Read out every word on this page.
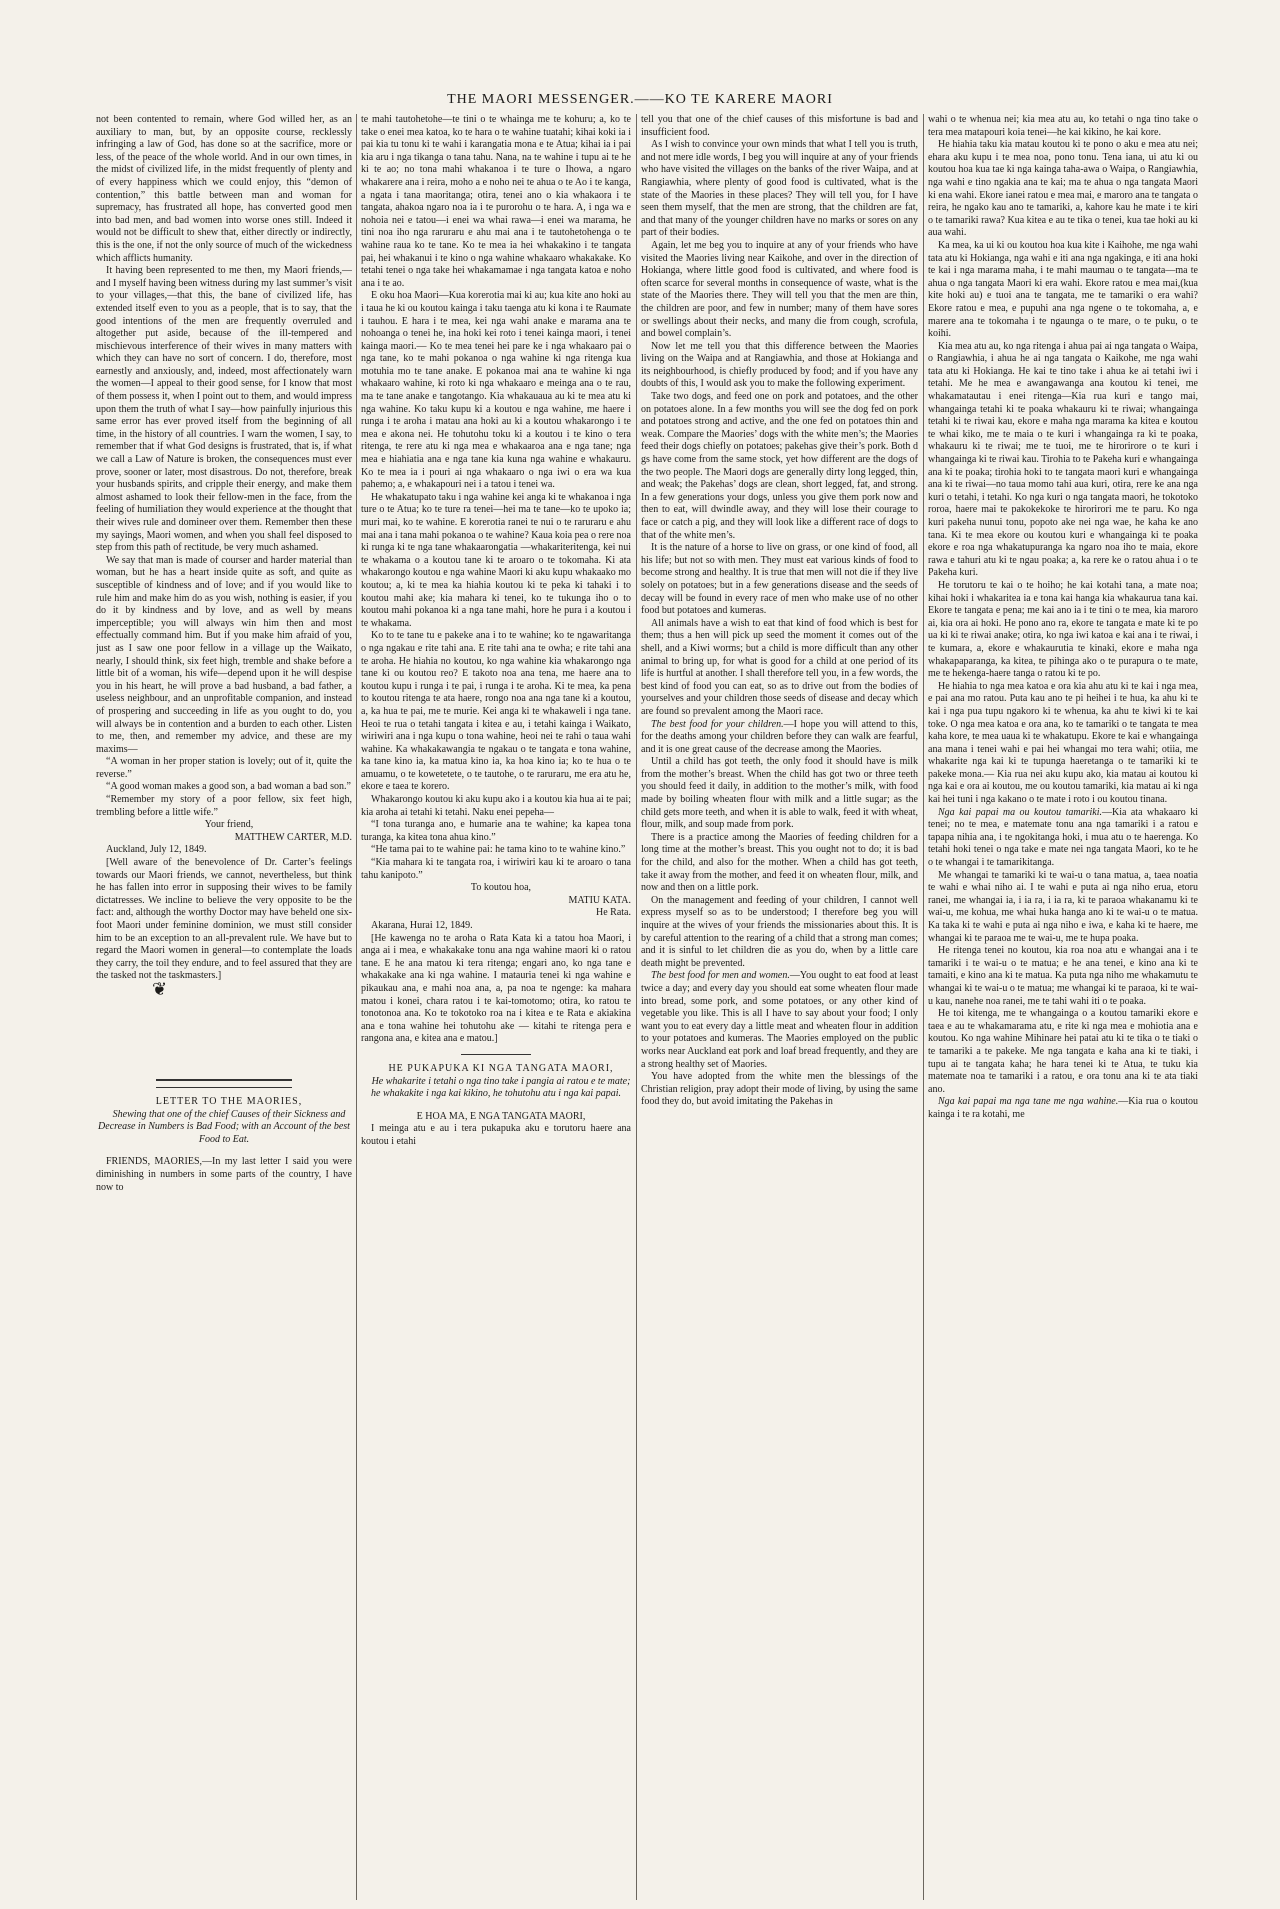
THE MAORI MESSENGER.——KO TE KARERE MAORI

not been contented to remain, where God willed her, as an auxiliary to man, but, by an opposite course, recklessly infringing a law of God, has done so at the sacrifice, more or less, of the peace of the whole world. And in our own times, in the midst of civilized life, in the midst frequently of plenty and of every happiness which we could enjoy, this “demon of contention,” this battle between man and woman for supremacy, has frustrated all hope, has converted good men into bad men, and bad women into worse ones still. Indeed it would not be difficult to shew that, either directly or indirectly, this is the one, if not the only source of much of the wickedness which afflicts humanity.

It having been represented to me then, my Maori friends,—and I myself having been witness during my last summer’s visit to your villages,—that this, the bane of civilized life, has extended itself even to you as a people, that is to say, that the good intentions of the men are frequently overruled and altogether put aside, because of the ill-tempered and mischievous interference of their wives in many matters with which they can have no sort of concern. I do, therefore, most earnestly and anxiously, and, indeed, most affectionately warn the women—I appeal to their good sense, for I know that most of them possess it, when I point out to them, and would impress upon them the truth of what I say—how painfully injurious this same error has ever proved itself from the beginning of all time, in the history of all countries. I warn the women, I say, to remember that if what God designs is frustrated, that is, if what we call a Law of Nature is broken, the consequences must ever prove, sooner or later, most disastrous. Do not, therefore, break your husbands spirits, and cripple their energy, and make them almost ashamed to look their fellow-men in the face, from the feeling of humiliation they would experience at the thought that their wives rule and domineer over them. Remember then these my sayings, Maori women, and when you shall feel disposed to step from this path of rectitude, be very much ashamed.

We say that man is made of courser and harder material than woman, but he has a heart inside quite as soft, and quite as susceptible of kindness and of love; and if you would like to rule him and make him do as you wish, nothing is easier, if you do it by kindness and by love, and as well by means imperceptible; you will always win him then and most effectually command him. But if you make him afraid of you, just as I saw one poor fellow in a village up the Waikato, nearly, I should think, six feet high, tremble and shake before a little bit of a woman, his wife—depend upon it he will despise you in his heart, he will prove a bad husband, a bad father, a useless neighbour, and an unprofitable companion, and instead of prospering and succeeding in life as you ought to do, you will always be in contention and a burden to each other. Listen to me, then, and remember my advice, and these are my maxims—

“A woman in her proper station is lovely; out of it, quite the reverse.”

“A good woman makes a good son, a bad woman a bad son.”

“Remember my story of a poor fellow, six feet high, trembling before a little wife.”

Your friend,

MATTHEW CARTER, M.D.

Auckland, July 12, 1849.

[Well aware of the benevolence of Dr. Carter’s feelings towards our Maori friends, we cannot, nevertheless, but think he has fallen into error in supposing their wives to be family dictatresses. We incline to believe the very opposite to be the fact: and, although the worthy Doctor may have beheld one six-foot Maori under feminine dominion, we must still consider him to be an exception to an all-prevalent rule. We have but to regard the Maori women in general—to contemplate the loads they carry, the toil they endure, and to feel assured that they are the tasked not the taskmasters.]

❦

LETTER TO THE MAORIES,

Shewing that one of the chief Causes of their Sickness and Decrease in Numbers is Bad Food; with an Account of the best Food to Eat.

FRIENDS, MAORIES,—In my last letter I said you were diminishing in numbers in some parts of the country, I have now to

te mahi tautohetohe—te tini o te whainga me te kohuru; a, ko te take o enei mea katoa, ko te hara o te wahine tuatahi; kihai koki ia i pai kia tu tonu ki te wahi i karangatia mona e te Atua; kihai ia i pai kia aru i nga tikanga o tana tahu. Nana, na te wahine i tupu ai te he ki te ao; no tona mahi whakanoa i te ture o Ihowa, a ngaro whakarere ana i reira, moho a e noho nei te ahua o te Ao i te kanga, a ngata i tana maoritanga; otira, tenei ano o kia whakaora i te tangata, ahakoa ngaro noa ia i te purorohu o te hara. A, i nga wa e nohoia nei e tatou—i enei wa whai rawa—i enei wa marama, he tini noa iho nga raruraru e ahu mai ana i te tautohetohenga o te wahine raua ko te tane. Ko te mea ia hei whakakino i te tangata pai, hei whakanui i te kino o nga wahine whakaaro whakakake. Ko tetahi tenei o nga take hei whakamamae i nga tangata katoa e noho ana i te ao.

E oku hoa Maori—Kua korerotia mai ki au; kua kite ano hoki au i taua he ki ou koutou kainga i taku taenga atu ki kona i te Raumate i tauhou. E hara i te mea, kei nga wahi anake e marama ana te nohoanga o tenei he, ina hoki kei roto i tenei kainga maori, i tenei kainga maori.— Ko te mea tenei hei pare ke i nga whakaaro pai o nga tane, ko te mahi pokanoa o nga wahine ki nga ritenga kua motuhia mo te tane anake. E pokanoa mai ana te wahine ki nga whakaaro wahine, ki roto ki nga whakaaro e meinga ana o te rau, ma te tane anake e tangotango. Kia whakauaua au ki te mea atu ki nga wahine. Ko taku kupu ki a koutou e nga wahine, me haere i runga i te aroha i matau ana hoki au ki a koutou whakarongo i te mea e akona nei. He tohutohu toku ki a koutou i te kino o tera ritenga, te rere atu ki nga mea e whakaaroa ana e nga tane; nga mea e hiahiatia ana e nga tane kia kuna nga wahine e whakauru. Ko te mea ia i pouri ai nga whakaaro o nga iwi o era wa kua pahemo; a, e whakapouri nei i a tatou i tenei wa.

He whakatupato taku i nga wahine kei anga ki te whakanoa i nga ture o te Atua; ko te ture ra tenei—hei ma te tane—ko te upoko ia; muri mai, ko te wahine. E korerotia ranei te nui o te raruraru e ahu mai ana i tana mahi pokanoa o te wahine? Kaua koia pea o rere noa ki runga ki te nga tane whakaarongatia —whakariteritenga, kei nui te whakama o a koutou tane ki te aroaro o te tokomaha. Ki ata whakarongo koutou e nga wahine Maori ki aku kupu whakaako mo koutou; a, ki te mea ka hiahia koutou ki te peka ki tahaki i to koutou mahi ake; kia mahara ki tenei, ko te tukunga iho o to koutou mahi pokanoa ki a nga tane mahi, hore he pura i a koutou i te whakama.

Ko to te tane tu e pakeke ana i to te wahine; ko te ngawaritanga o nga ngakau e rite tahi ana. E rite tahi ana te owha; e rite tahi ana te aroha. He hiahia no koutou, ko nga wahine kia whakarongo nga tane ki ou koutou reo? E takoto noa ana tena, me haere ana to koutou kupu i runga i te pai, i runga i te aroha. Ki te mea, ka pena to koutou ritenga te ata haere, rongo noa ana nga tane ki a koutou, a, ka hua te pai, me te murie. Kei anga ki te whakaweli i nga tane. Heoi te rua o tetahi tangata i kitea e au, i tetahi kainga i Waikato, wiriwiri ana i nga kupu o tona wahine, heoi nei te rahi o taua wahi wahine. Ka whakakawangia te ngakau o te tangata e tona wahine, ka tane kino ia, ka matua kino ia, ka hoa kino ia; ko te hua o te amuamu, o te kowetetete, o te tautohe, o te raruraru, me era atu he, ekore e taea te korero.

Whakarongo koutou ki aku kupu ako i a koutou kia hua ai te pai; kia aroha ai tetahi ki tetahi. Naku enei pepeha—

“I tona turanga ano, e humarie ana te wahine; ka kapea tona turanga, ka kitea tona ahua kino.”

“He tama pai to te wahine pai: he tama kino to te wahine kino.”

“Kia mahara ki te tangata roa, i wiriwiri kau ki te aroaro o tana tahu kanipoto.”

To koutou hoa,

MATIU KATA.

He Rata.

Akarana, Hurai 12, 1849.

[He kawenga no te aroha o Rata Kata ki a tatou hoa Maori, i anga ai i mea, e whakakake tonu ana nga wahine maori ki o ratou tane. E he ana matou ki tera ritenga; engari ano, ko nga tane e whakakake ana ki nga wahine. I matauria tenei ki nga wahine e pikaukau ana, e mahi noa ana, a, pa noa te ngenge: ka mahara matou i konei, chara ratou i te kai-tomotomo; otira, ko ratou te tonotonoa ana. Ko te tokotoko roa na i kitea e te Rata e akiakina ana e tona wahine hei tohutohu ake — kitahi te ritenga pera e rangona ana, e kitea ana e matou.]

HE PUKAPUKA KI NGA TANGATA MAORI,

He whakarite i tetahi o nga tino take i pangia ai ratou e te mate; he whakakite i nga kai kikino, he tohutohu atu i nga kai papai.

E HOA MA, E NGA TANGATA MAORI,

I meinga atu e au i tera pukapuka aku e torutoru haere ana koutou i etahi

tell you that one of the chief causes of this misfortune is bad and insufficient food.

As I wish to convince your own minds that what I tell you is truth, and not mere idle words, I beg you will inquire at any of your friends who have visited the villages on the banks of the river Waipa, and at Rangiawhia, where plenty of good food is cultivated, what is the state of the Maories in these places? They will tell you, for I have seen them myself, that the men are strong, that the children are fat, and that many of the younger children have no marks or sores on any part of their bodies.

Again, let me beg you to inquire at any of your friends who have visited the Maories living near Kaikohe, and over in the direction of Hokianga, where little good food is cultivated, and where food is often scarce for several months in consequence of waste, what is the state of the Maories there. They will tell you that the men are thin, the children are poor, and few in number; many of them have sores or swellings about their necks, and many die from cough, scrofula, and bowel complain’s.

Now let me tell you that this difference between the Maories living on the Waipa and at Rangiawhia, and those at Hokianga and its neighbourhood, is chiefly produced by food; and if you have any doubts of this, I would ask you to make the following experiment.

Take two dogs, and feed one on pork and potatoes, and the other on potatoes alone. In a few months you will see the dog fed on pork and potatoes strong and active, and the one fed on potatoes thin and weak. Compare the Maories’ dogs with the white men’s; the Maories feed their dogs chiefly on potatoes; pakehas give their’s pork. Both d gs have come from the same stock, yet how different are the dogs of the two people. The Maori dogs are generally dirty long legged, thin, and weak; the Pakehas’ dogs are clean, short legged, fat, and strong. In a few generations your dogs, unless you give them pork now and then to eat, will dwindle away, and they will lose their courage to face or catch a pig, and they will look like a different race of dogs to that of the white men’s.

It is the nature of a horse to live on grass, or one kind of food, all his life; but not so with men. They must eat various kinds of food to become strong and healthy. It is true that men will not die if they live solely on potatoes; but in a few generations disease and the seeds of decay will be found in every race of men who make use of no other food but potatoes and kumeras.

All animals have a wish to eat that kind of food which is best for them; thus a hen will pick up seed the moment it comes out of the shell, and a Kiwi worms; but a child is more difficult than any other animal to bring up, for what is good for a child at one period of its life is hurtful at another. I shall therefore tell you, in a few words, the best kind of food you can eat, so as to drive out from the bodies of yourselves and your children those seeds of disease and decay which are found so prevalent among the Maori race.

The best food for your children.—I hope you will attend to this, for the deaths among your children before they can walk are fearful, and it is one great cause of the decrease among the Maories.

Until a child has got teeth, the only food it should have is milk from the mother’s breast. When the child has got two or three teeth you should feed it daily, in addition to the mother’s milk, with food made by boiling wheaten flour with milk and a little sugar; as the child gets more teeth, and when it is able to walk, feed it with wheat, flour, milk, and soup made from pork.

There is a practice among the Maories of feeding children for a long time at the mother’s breast. This you ought not to do; it is bad for the child, and also for the mother. When a child has got teeth, take it away from the mother, and feed it on wheaten flour, milk, and now and then on a little pork.

On the management and feeding of your children, I cannot well express myself so as to be understood; I therefore beg you will inquire at the wives of your friends the missionaries about this. It is by careful attention to the rearing of a child that a strong man comes; and it is sinful to let children die as you do, when by a little care death might be prevented.

The best food for men and women.—You ought to eat food at least twice a day; and every day you should eat some wheaten flour made into bread, some pork, and some potatoes, or any other kind of vegetable you like. This is all I have to say about your food; I only want you to eat every day a little meat and wheaten flour in addition to your potatoes and kumeras. The Maories employed on the public works near Auckland eat pork and loaf bread frequently, and they are a strong healthy set of Maories.

You have adopted from the white men the blessings of the Christian religion, pray adopt their mode of living, by using the same food they do, but avoid imitating the Pakehas in

wahi o te whenua nei; kia mea atu au, ko tetahi o nga tino take o tera mea matapouri koia tenei—he kai kikino, he kai kore.

He hiahia taku kia matau koutou ki te pono o aku e mea atu nei; ehara aku kupu i te mea noa, pono tonu. Tena iana, ui atu ki ou koutou hoa kua tae ki nga kainga taha-awa o Waipa, o Rangiawhia, nga wahi e tino ngakia ana te kai; ma te ahua o nga tangata Maori ki ena wahi. Ekore ianei ratou e mea mai, e maroro ana te tangata o reira, he ngako kau ano te tamariki, a, kahore kau he mate i te kiri o te tamariki rawa? Kua kitea e au te tika o tenei, kua tae hoki au ki aua wahi.

Ka mea, ka ui ki ou koutou hoa kua kite i Kaihohe, me nga wahi tata atu ki Hokianga, nga wahi e iti ana nga ngakinga, e iti ana hoki te kai i nga marama maha, i te mahi maumau o te tangata—ma te ahua o nga tangata Maori ki era wahi. Ekore ratou e mea mai,(kua kite hoki au) e tuoi ana te tangata, me te tamariki o era wahi? Ekore ratou e mea, e pupuhi ana nga ngene o te tokomaha, a, e marere ana te tokomaha i te ngaunga o te mare, o te puku, o te koihi.

Kia mea atu au, ko nga ritenga i ahua pai ai nga tangata o Waipa, o Rangiawhia, i ahua he ai nga tangata o Kaikohe, me nga wahi tata atu ki Hokianga. He kai te tino take i ahua ke ai tetahi iwi i tetahi. Me he mea e awangawanga ana koutou ki tenei, me whakamatautau i enei ritenga—Kia rua kuri e tango mai, whangainga tetahi ki te poaka whakauru ki te riwai; whangainga tetahi ki te riwai kau, ekore e maha nga marama ka kitea e koutou te whai kiko, me te maia o te kuri i whangainga ra ki te poaka, whakauru ki te riwai; me te tuoi, me te hirorirore o te kuri i whangainga ki te riwai kau. Tirohia to te Pakeha kuri e whangainga ana ki te poaka; tirohia hoki to te tangata maori kuri e whangainga ana ki te riwai—no taua momo tahi aua kuri, otira, rere ke ana nga kuri o tetahi, i tetahi. Ko nga kuri o nga tangata maori, he tokotoko roroa, haere mai te pakokekoke te hirorirori me te paru. Ko nga kuri pakeha nunui tonu, popoto ake nei nga wae, he kaha ke ano tana. Ki te mea ekore ou koutou kuri e whangainga ki te poaka ekore e roa nga whakatupuranga ka ngaro noa iho te maia, ekore rawa e tahuri atu ki te ngau poaka; a, ka rere ke o ratou ahua i o te Pakeha kuri.

He torutoru te kai o te hoiho; he kai kotahi tana, a mate noa; kihai hoki i whakaritea ia e tona kai hanga kia whakaurua tana kai. Ekore te tangata e pena; me kai ano ia i te tini o te mea, kia maroro ai, kia ora ai hoki. He pono ano ra, ekore te tangata e mate ki te po ua ki ki te riwai anake; otira, ko nga iwi katoa e kai ana i te riwai, i te kumara, a, ekore e whakaurutia te kinaki, ekore e maha nga whakapaparanga, ka kitea, te pihinga ako o te purapura o te mate, me te hekenga-haere tanga o ratou ki te po.

He hiahia to nga mea katoa e ora kia ahu atu ki te kai i nga mea, e pai ana mo ratou. Puta kau ano te pi heihei i te hua, ka ahu ki te kai i nga pua tupu ngakoro ki te whenua, ka ahu te kiwi ki te kai toke. O nga mea katoa e ora ana, ko te tamariki o te tangata te mea kaha kore, te mea uaua ki te whakatupu. Ekore te kai e whangainga ana mana i tenei wahi e pai hei whangai mo tera wahi; otiia, me whakarite nga kai ki te tupunga haeretanga o te tamariki ki te pakeke mona.— Kia rua nei aku kupu ako, kia matau ai koutou ki nga kai e ora ai koutou, me ou koutou tamariki, kia matau ai ki nga kai hei tuni i nga kakano o te mate i roto i ou koutou tinana.

Nga kai papai ma ou koutou tamariki.—Kia ata whakaaro ki tenei; no te mea, e matemate tonu ana nga tamariki i a ratou e tapapa nihia ana, i te ngokitanga hoki, i mua atu o te haerenga. Ko tetahi hoki tenei o nga take e mate nei nga tangata Maori, ko te he o te whangai i te tamarikitanga.

Me whangai te tamariki ki te wai-u o tana matua, a, taea noatia te wahi e whai niho ai. I te wahi e puta ai nga niho erua, etoru ranei, me whangai ia, i ia ra, i ia ra, ki te paraoa whakanamu ki te wai-u, me kohua, me whai huka hanga ano ki te wai-u o te matua. Ka taka ki te wahi e puta ai nga niho e iwa, e kaha ki te haere, me whangai ki te paraoa me te wai-u, me te hupa poaka.

He ritenga tenei no koutou, kia roa noa atu e whangai ana i te tamariki i te wai-u o te matua; e he ana tenei, e kino ana ki te tamaiti, e kino ana ki te matua. Ka puta nga niho me whakamutu te whangai ki te wai-u o te matua; me whangai ki te paraoa, ki te wai-u kau, nanehe noa ranei, me te tahi wahi iti o te poaka.

He toi kitenga, me te whangainga o a koutou tamariki ekore e taea e au te whakamarama atu, e rite ki nga mea e mohiotia ana e koutou. Ko nga wahine Mihinare hei patai atu ki te tika o te tiaki o te tamariki a te pakeke. Me nga tangata e kaha ana ki te tiaki, i tupu ai te tangata kaha; he hara tenei ki te Atua, te tuku kia matemate noa te tamariki i a ratou, e ora tonu ana ki te ata tiaki ano.

Nga kai papai ma nga tane me nga wahine.—Kia rua o koutou kainga i te ra kotahi, me
